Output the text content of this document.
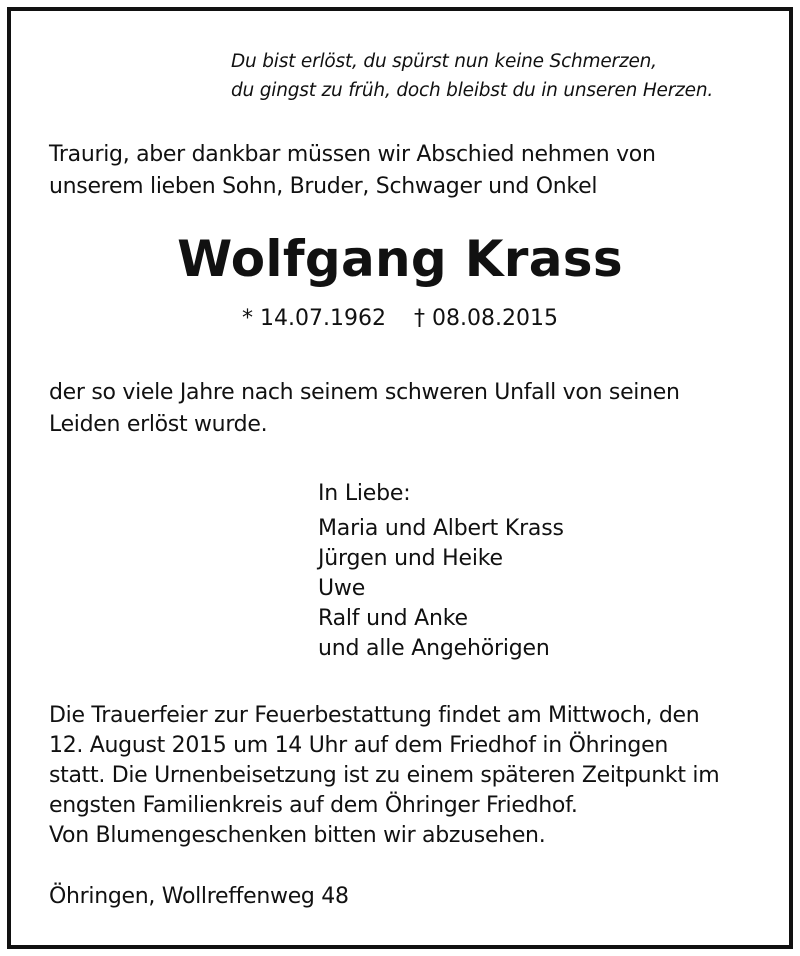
Du bist erlöst, du spürst nun keine Schmerzen,
du gingst zu früh, doch bleibst du in unseren Herzen.
Traurig, aber dankbar müssen wir Abschied nehmen von
unserem lieben Sohn, Bruder, Schwager und Onkel
Wolfgang Krass
* 14.07.1962 † 08.08.2015
der so viele Jahre nach seinem schweren Unfall von seinen
Leiden erlöst wurde.
In Liebe:
Maria und Albert Krass
Jürgen und Heike
Uwe
Ralf und Anke
und alle Angehörigen
Die Trauerfeier zur Feuerbestattung findet am Mittwoch, den
12. August 2015 um 14 Uhr auf dem Friedhof in Öhringen
statt. Die Urnenbeisetzung ist zu einem späteren Zeitpunkt im
engsten Familienkreis auf dem Öhringer Friedhof.
Von Blumengeschenken bitten wir abzusehen.
Öhringen, Wollreffenweg 48
